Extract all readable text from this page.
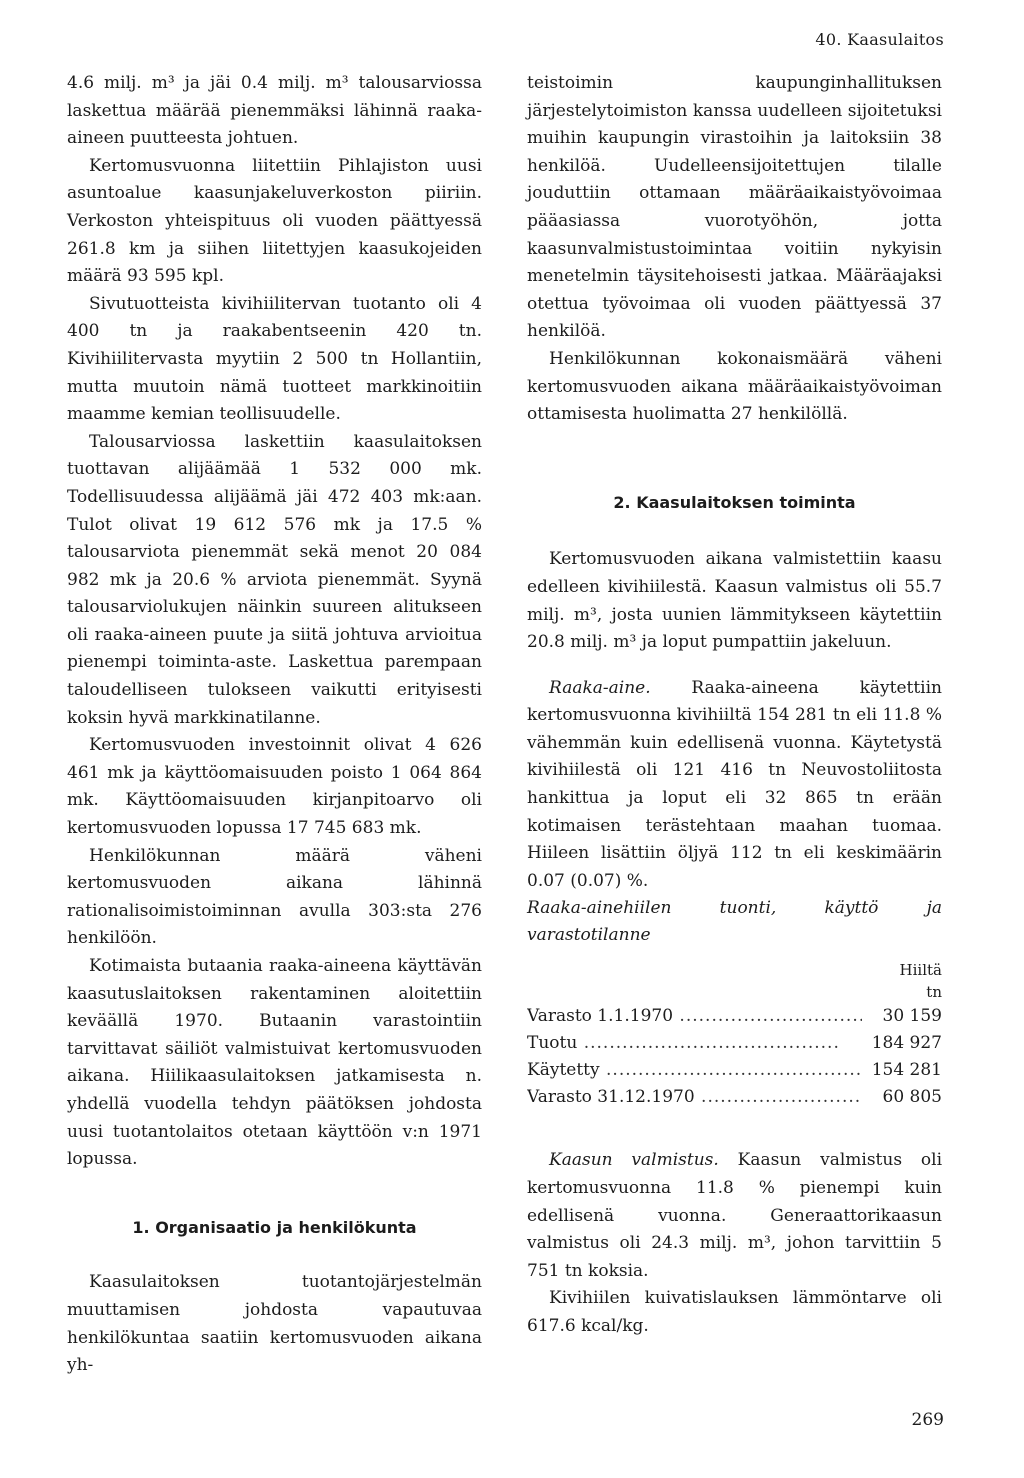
40. Kaasulaitos

4.6 milj. m³ ja jäi 0.4 milj. m³ talousarviossa laskettua määrää pienemmäksi lähinnä raaka-aineen puutteesta johtuen.

Kertomusvuonna liitettiin Pihlajiston uusi asuntoalue kaasunjakeluverkoston piiriin. Verkoston yhteispituus oli vuoden päättyessä 261.8 km ja siihen liitettyjen kaasukojeiden määrä 93 595 kpl.

Sivutuotteista kivihiilitervan tuotanto oli 4 400 tn ja raakabentseenin 420 tn. Kivihiilitervasta myytiin 2 500 tn Hollantiin, mutta muutoin nämä tuotteet markkinoitiin maamme kemian teollisuudelle.

Talousarviossa laskettiin kaasulaitoksen tuottavan alijäämää 1 532 000 mk. Todellisuudessa alijäämä jäi 472 403 mk:aan. Tulot olivat 19 612 576 mk ja 17.5 % talousarviota pienemmät sekä menot 20 084 982 mk ja 20.6 % arviota pienemmät. Syynä talousarviolukujen näinkin suureen alitukseen oli raaka-aineen puute ja siitä johtuva arvioitua pienempi toiminta-aste. Laskettua parempaan taloudelliseen tulokseen vaikutti erityisesti koksin hyvä markkinatilanne.

Kertomusvuoden investoinnit olivat 4 626 461 mk ja käyttöomaisuuden poisto 1 064 864 mk. Käyttöomaisuuden kirjanpitoarvo oli kertomusvuoden lopussa 17 745 683 mk.

Henkilökunnan määrä väheni kertomusvuoden aikana lähinnä rationalisoimistoiminnan avulla 303:sta 276 henkilöön.

Kotimaista butaania raaka-aineena käyttävän kaasutuslaitoksen rakentaminen aloitettiin keväällä 1970. Butaanin varastointiin tarvittavat säiliöt valmistuivat kertomusvuoden aikana. Hiilikaasulaitoksen jatkamisesta n. yhdellä vuodella tehdyn päätöksen johdosta uusi tuotantolaitos otetaan käyttöön v:n 1971 lopussa.

1. Organisaatio ja henkilökunta

Kaasulaitoksen tuotantojärjestelmän muuttamisen johdosta vapautuvaa henkilökuntaa saatiin kertomusvuoden aikana yh-

teistoimin kaupunginhallituksen järjestelytoimiston kanssa uudelleen sijoitetuksi muihin kaupungin virastoihin ja laitoksiin 38 henkilöä. Uudelleensijoitettujen tilalle jouduttiin ottamaan määräaikaistyövoimaa pääasiassa vuorotyöhön, jotta kaasunvalmistustoimintaa voitiin nykyisin menetelmin täysitehoisesti jatkaa. Määräajaksi otettua työvoimaa oli vuoden päättyessä 37 henkilöä.

Henkilökunnan kokonaismäärä väheni kertomusvuoden aikana määräaikaistyövoiman ottamisesta huolimatta 27 henkilöllä.

2. Kaasulaitoksen toiminta

Kertomusvuoden aikana valmistettiin kaasu edelleen kivihiilestä. Kaasun valmistus oli 55.7 milj. m³, josta uunien lämmitykseen käytettiin 20.8 milj. m³ ja loput pumpattiin jakeluun.

Raaka-aine. Raaka-aineena käytettiin kertomusvuonna kivihiiltä 154 281 tn eli 11.8 % vähemmän kuin edellisenä vuonna. Käytetystä kivihiilestä oli 121 416 tn Neuvostoliitosta hankittua ja loput eli 32 865 tn erään kotimaisen terästehtaan maahan tuomaa. Hiileen lisättiin öljyä 112 tn eli keskimäärin 0.07 (0.07) %.

Raaka-ainehiilen tuonti, käyttö ja varastotilanne

	Hiiltä
tn
Varasto 1.1.1970 .....	30 159
Tuotu .....	184 927
Käytetty .....	154 281
Varasto 31.12.1970 .....	60 805

Kaasun valmistus. Kaasun valmistus oli kertomusvuonna 11.8 % pienempi kuin edellisenä vuonna. Generaattorikaasun valmistus oli 24.3 milj. m³, johon tarvittiin 5 751 tn koksia.

Kivihiilen kuivatislauksen lämmöntarve oli 617.6 kcal/kg.

269
